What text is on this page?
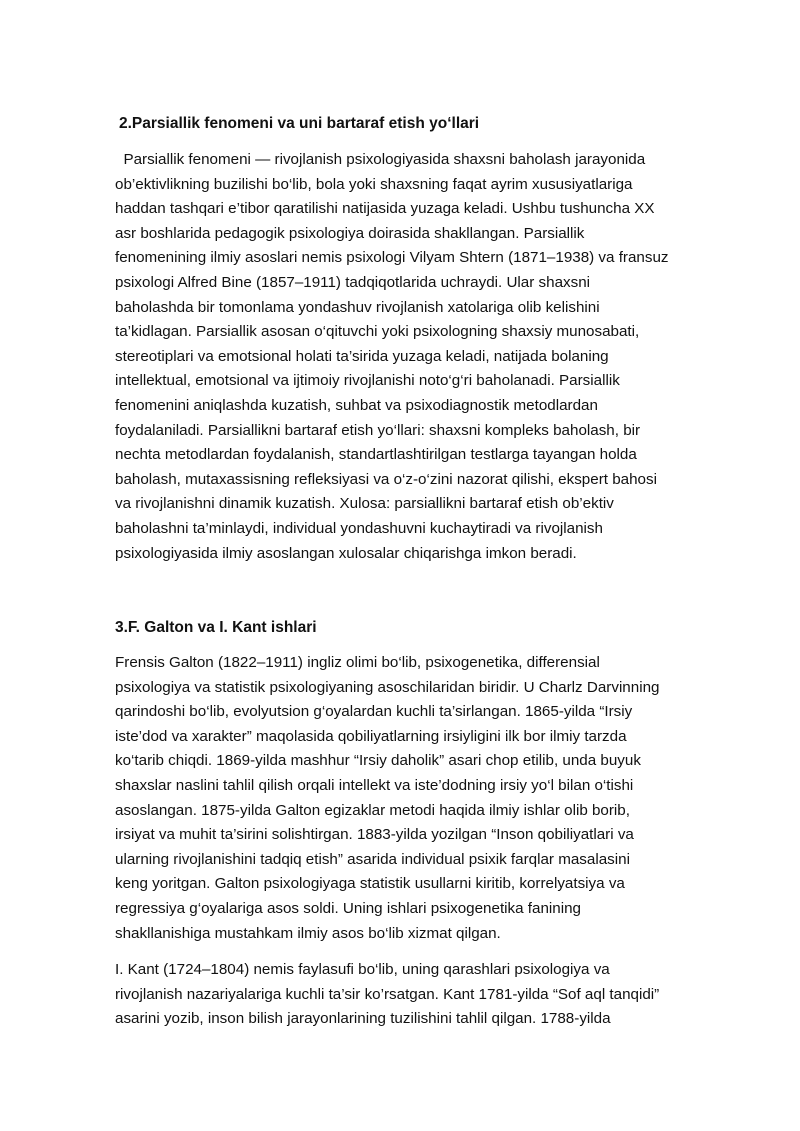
2.Parsiallik fenomeni va uni bartaraf etish yo‘llari

Parsiallik fenomeni — rivojlanish psixologiyasida shaxsni baholash jarayonida
ob’ektivlikning buzilishi bo‘lib, bola yoki shaxsning faqat ayrim xususiyatlariga
haddan tashqari e’tibor qaratilishi natijasida yuzaga keladi. Ushbu tushuncha XX
asr boshlarida pedagogik psixologiya doirasida shakllangan. Parsiallik
fenomenining ilmiy asoslari nemis psixologi Vilyam Shtern (1871–1938) va fransuz
psixologi Alfred Bine (1857–1911) tadqiqotlarida uchraydi. Ular shaxsni
baholashda bir tomonlama yondashuv rivojlanish xatolariga olib kelishini
ta’kidlagan. Parsiallik asosan o‘qituvchi yoki psixologning shaxsiy munosabati,
stereotiplari va emotsional holati ta’sirida yuzaga keladi, natijada bolaning
intellektual, emotsional va ijtimoiy rivojlanishi noto‘g‘ri baholanadi. Parsiallik
fenomenini aniqlashda kuzatish, suhbat va psixodiagnostik metodlardan
foydalaniladi. Parsiallikni bartaraf etish yo‘llari: shaxsni kompleks baholash, bir
nechta metodlardan foydalanish, standartlashtirilgan testlarga tayangan holda
baholash, mutaxassisning refleksiyasi va o‘z-o‘zini nazorat qilishi, ekspert bahosi
va rivojlanishni dinamik kuzatish. Xulosa: parsiallikni bartaraf etish ob’ektiv
baholashni ta’minlaydi, individual yondashuvni kuchaytiradi va rivojlanish
psixologiyasida ilmiy asoslangan xulosalar chiqarishga imkon beradi.

3.F. Galton va I. Kant ishlari

Frensis Galton (1822–1911) ingliz olimi bo‘lib, psixogenetika, differensial
psixologiya va statistik psixologiyaning asoschilaridan biridir. U Charlz Darvinning
qarindoshi bo‘lib, evolyutsion g‘oyalardan kuchli ta’sirlangan. 1865-yilda “Irsiy
iste’dod va xarakter” maqolasida qobiliyatlarning irsiyligini ilk bor ilmiy tarzda
ko‘tarib chiqdi. 1869-yilda mashhur “Irsiy daholik” asari chop etilib, unda buyuk
shaxslar naslini tahlil qilish orqali intellekt va iste’dodning irsiy yo‘l bilan o‘tishi
asoslangan. 1875-yilda Galton egizaklar metodi haqida ilmiy ishlar olib borib,
irsiyat va muhit ta’sirini solishtirgan. 1883-yilda yozilgan “Inson qobiliyatlari va
ularning rivojlanishini tadqiq etish” asarida individual psixik farqlar masalasini
keng yoritgan. Galton psixologiyaga statistik usullarni kiritib, korrelyatsiya va
regressiya g‘oyalariga asos soldi. Uning ishlari psixogenetika fanining
shakllanishiga mustahkam ilmiy asos bo‘lib xizmat qilgan.

I. Kant (1724–1804) nemis faylasufi bo‘lib, uning qarashlari psixologiya va
rivojlanish nazariyalariga kuchli ta’sir ko’rsatgan. Kant 1781-yilda “Sof aql tanqidi”
asarini yozib, inson bilish jarayonlarining tuzilishini tahlil qilgan. 1788-yilda
